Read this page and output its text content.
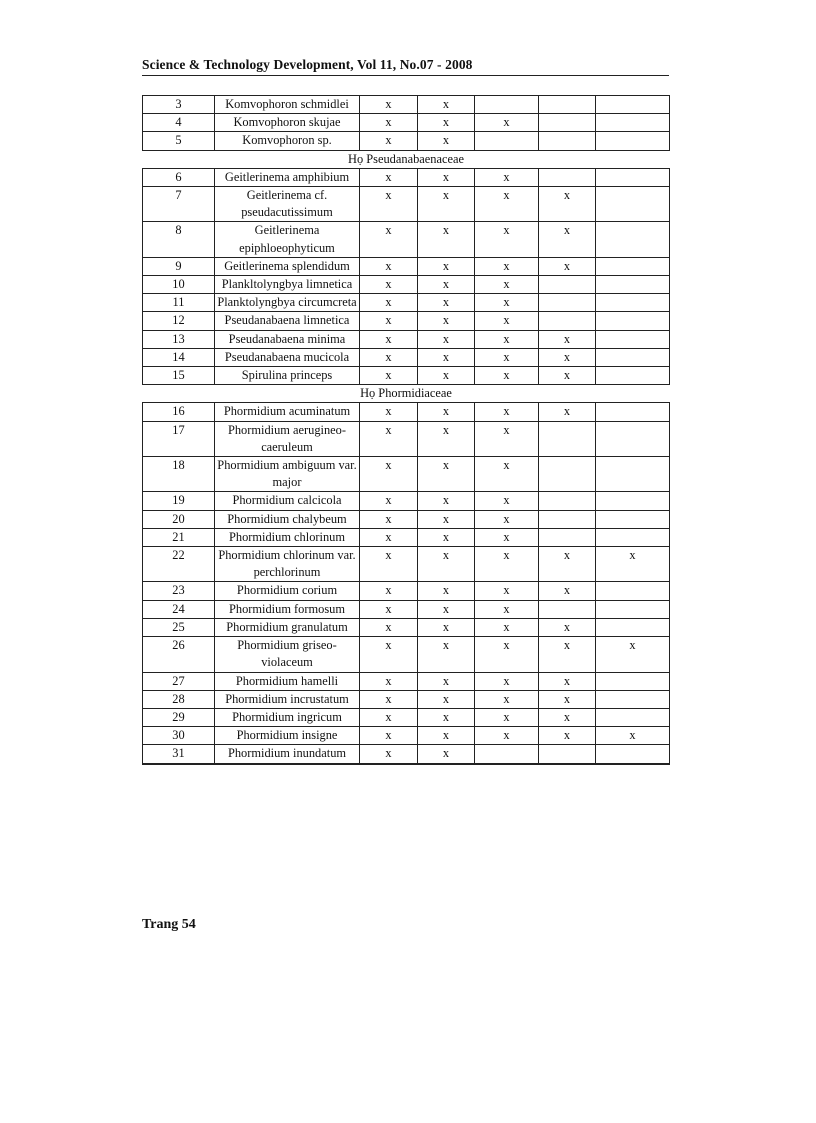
Science & Technology Development, Vol 11, No.07 - 2008
3	Komvophoron schmidlei	x	x			
4	Komvophoron skujae	x	x	x		
5	Komvophoron sp.	x	x			
Họ Pseudanabaenaceae						
6	Geitlerinema amphibium	x	x	x		
7	Geitlerinema cf. pseudacutissimum	x	x	x	x	
8	Geitlerinema epiphloeophyticum	x	x	x	x	
9	Geitlerinema splendidum	x	x	x	x	
10	Plankltolyngbya limnetica	x	x	x		
11	Planktolyngbya circumcreta	x	x	x		
12	Pseudanabaena limnetica	x	x	x		
13	Pseudanabaena minima	x	x	x	x	
14	Pseudanabaena mucicola	x	x	x	x	
15	Spirulina princeps	x	x	x	x	
Họ Phormidiaceae						
16	Phormidium acuminatum	x	x	x	x	
17	Phormidium aerugineo-caeruleum	x	x	x		
18	Phormidium ambiguum var. major	x	x	x		
19	Phormidium calcicola	x	x	x		
20	Phormidium chalybeum	x	x	x		
21	Phormidium chlorinum	x	x	x		
22	Phormidium chlorinum var. perchlorinum	x	x	x	x	x
23	Phormidium corium	x	x	x	x	
24	Phormidium formosum	x	x	x		
25	Phormidium granulatum	x	x	x	x	
26	Phormidium griseo-violaceum	x	x	x	x	x
27	Phormidium hamelli	x	x	x	x	
28	Phormidium incrustatum	x	x	x	x	
29	Phormidium ingricum	x	x	x	x	
30	Phormidium insigne	x	x	x	x	x
31	Phormidium inundatum	x	x			
Trang 54
